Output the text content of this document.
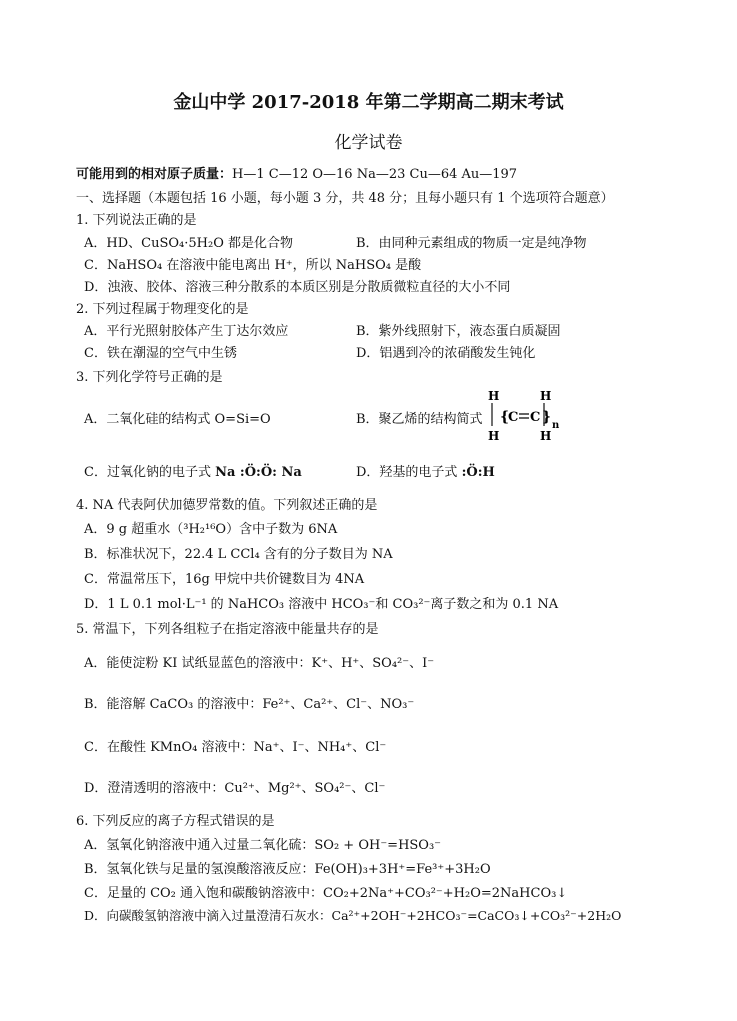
金山中学 2017-2018 年第二学期高二期末考试
化学试卷
可能用到的相对原子质量：H—1 C—12 O—16 Na—23 Cu—64 Au—197
一、选择题（本题包括 16 小题，每小题 3 分，共 48 分；且每小题只有 1 个选项符合题意）
1. 下列说法正确的是
A．HD、CuSO₄·5H₂O 都是化合物	B．由同种元素组成的物质一定是纯净物
C．NaHSO₄ 在溶液中能电离出 H⁺，所以 NaHSO₄ 是酸
D．浊液、胶体、溶液三种分散系的本质区别是分散质微粒直径的大小不同
2. 下列过程属于物理变化的是
A．平行光照射胶体产生丁达尔效应	B．紫外线照射下，液态蛋白质凝固
C．铁在潮湿的空气中生锈	D．铝遇到冷的浓硝酸发生钝化
3. 下列化学符号正确的是
A．二氧化硅的结构式 O=Si=O	B．聚乙烯的结构简式
H	H
H	H
{
C C }
n
C．过氧化钠的电子式 Na :Ö:Ö: Na	D．羟基的电子式 :Ö:H
4. NA 代表阿伏加德罗常数的值。下列叙述正确的是
A．9 g 超重水（³H₂¹⁶O）含中子数为 6NA
B．标准状况下，22.4 L CCl₄ 含有的分子数目为 NA
C．常温常压下，16g 甲烷中共价键数目为 4NA
D．1 L 0.1 mol·L⁻¹ 的 NaHCO₃ 溶液中 HCO₃⁻和 CO₃²⁻离子数之和为 0.1 NA
5. 常温下，下列各组粒子在指定溶液中能量共存的是
A．能使淀粉 KI 试纸显蓝色的溶液中：K⁺、H⁺、SO₄²⁻、I⁻
B．能溶解 CaCO₃ 的溶液中：Fe²⁺、Ca²⁺、Cl⁻、NO₃⁻
C．在酸性 KMnO₄ 溶液中：Na⁺、I⁻、NH₄⁺、Cl⁻
D．澄清透明的溶液中：Cu²⁺、Mg²⁺、SO₄²⁻、Cl⁻
6. 下列反应的离子方程式错误的是
A．氢氧化钠溶液中通入过量二氧化硫：SO₂ + OH⁻=HSO₃⁻
B．氢氧化铁与足量的氢溴酸溶液反应：Fe(OH)₃+3H⁺=Fe³⁺+3H₂O
C．足量的 CO₂ 通入饱和碳酸钠溶液中：CO₂+2Na⁺+CO₃²⁻+H₂O=2NaHCO₃↓
D．向碳酸氢钠溶液中滴入过量澄清石灰水：Ca²⁺+2OH⁻+2HCO₃⁻=CaCO₃↓+CO₃²⁻+2H₂O
